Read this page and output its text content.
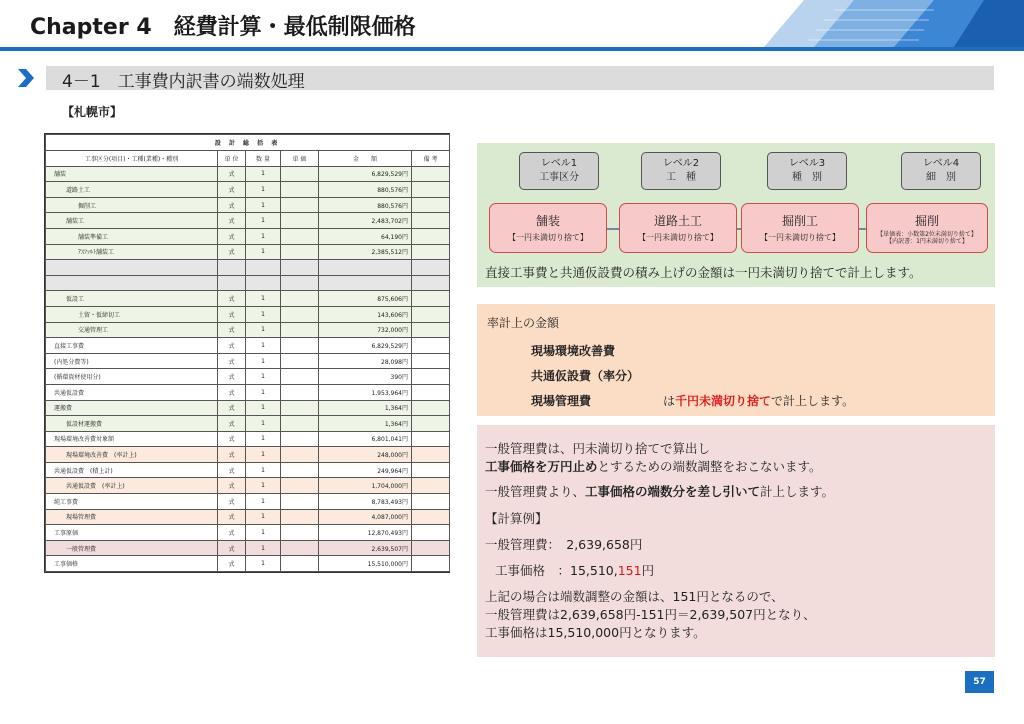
Chapter 4　経費計算・最低制限価格
4－1　工事費内訳書の端数処理
【札幌市】
設 計 総 括 表					
工事区分(項目)・工種(業種)・種別	単 位	数 量	単 価	金　　額	備 考
舗装	式	1		6,829,529円	
道路土工	式	1		880,576円	
掘削工	式	1		880,576円	
舗装工	式	1		2,483,702円	
舗装準備工	式	1		64,190円	
ｱｽﾌｧﾙﾄ舗装工	式	1		2,385,512円	

仮設工	式	1		875,606円	
土留・仮締切工	式	1		143,606円	
交通管理工	式	1		732,000円	
直接工事費	式	1		6,829,529円	
(内処分費等)	式	1		28,098円	
(循環資材使用分)	式	1		390円	
共通仮設費	式	1		1,953,964円	
運搬費	式	1		1,364円	
仮設材運搬費	式	1		1,364円	
現場環境改善費対象額	式	1		6,801,041円	
現場環境改善費　(率計上)	式	1		248,000円	
共通仮設費　(積上計)	式	1		249,964円	
共通仮設費　(率計上)	式	1		1,704,000円	
純工事費	式	1		8,783,493円	
現場管理費	式	1		4,087,000円	
工事原価	式	1		12,870,493円	
一般管理費	式	1		2,639,507円	
工事価格	式	1		15,510,000円	
レベル1
工事区分
レベル2
工　種
レベル3
種　別
レベル4
細　別
舗装
【一円未満切り捨て】
道路土工
【一円未満切り捨て】
掘削工
【一円未満切り捨て】
掘削
【単価表：小数第2位未満切り捨て】
【内訳書：1円未満切り捨て】
直接工事費と共通仮設費の積み上げの金額は一円未満切り捨てで計上します。
率計上の金額
現場環境改善費
共通仮設費（率分）
現場管理費	は千円未満切り捨てで計上します。
一般管理費は、円未満切り捨てで算出し
工事価格を万円止めとするための端数調整をおこないます。
一般管理費より、工事価格の端数分を差し引いて計上します。
【計算例】
一般管理費：　2,639,658円
工事価格　：15,510,151円
上記の場合は端数調整の金額は、151円となるので、
一般管理費は2,639,658円-151円＝2,639,507円となり、
工事価格は15,510,000円となります。
57
